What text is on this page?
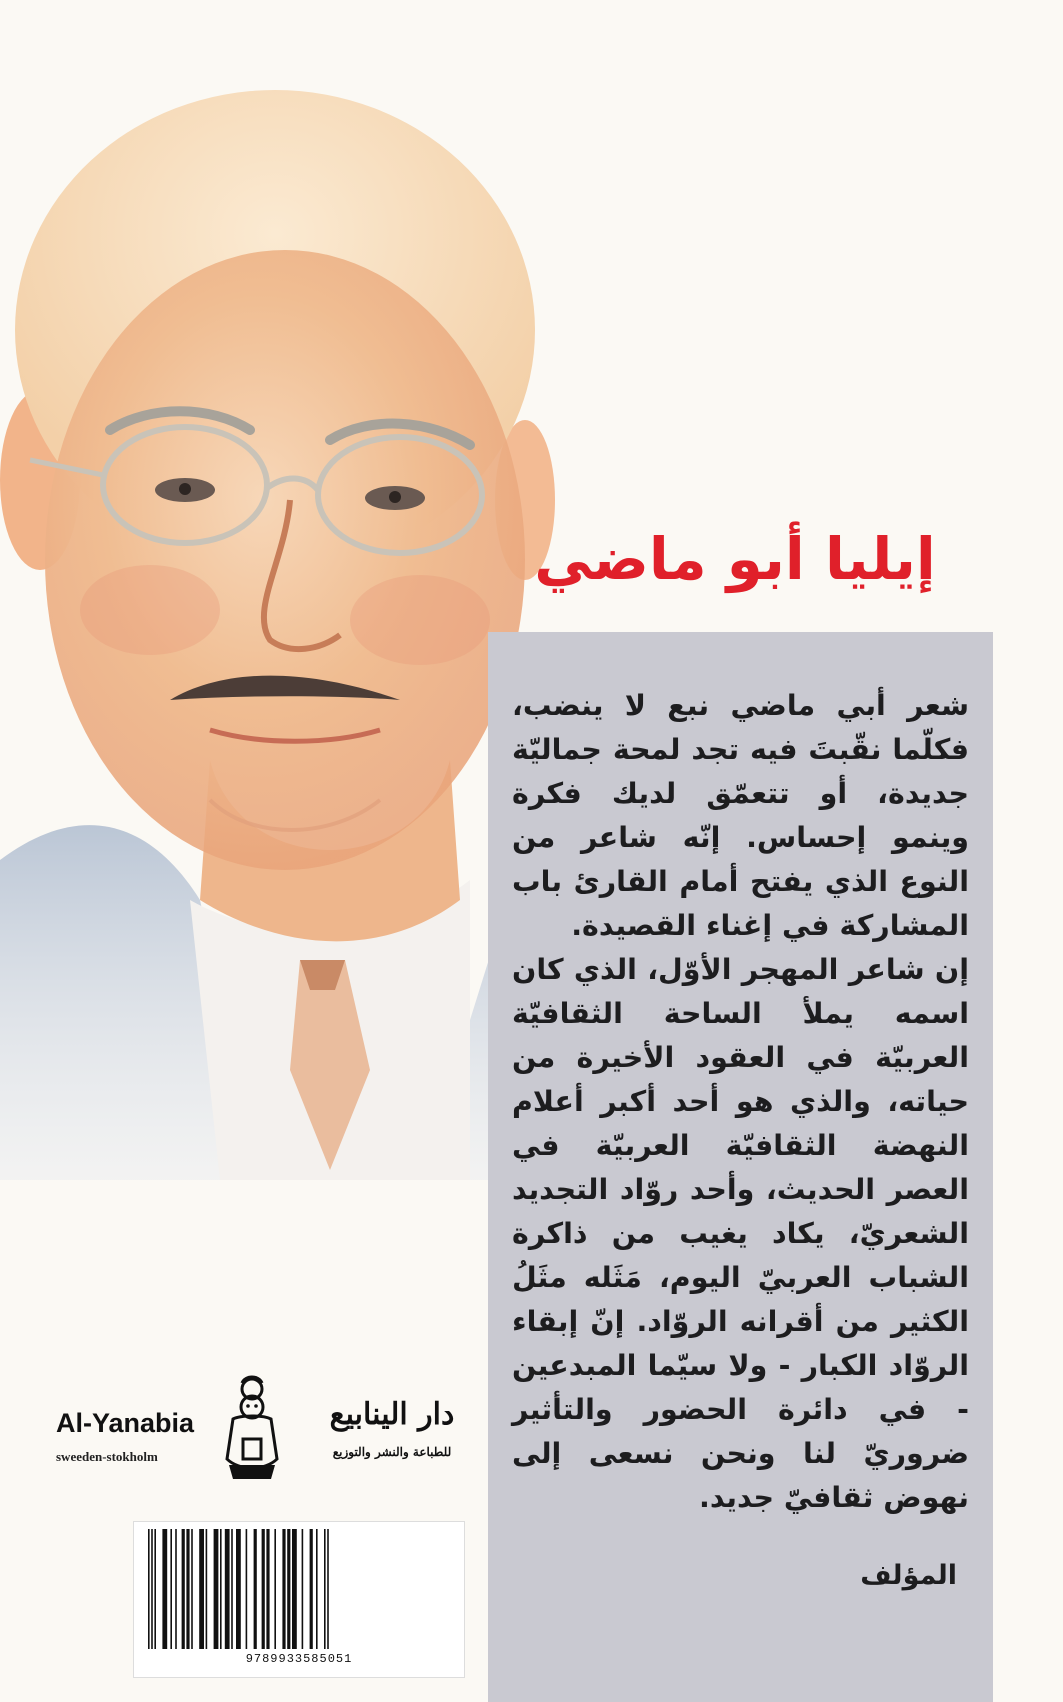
إيليا أبو ماضي

شعر أبي ماضي نبع لا ينضب، فكلّما نقّبتَ فيه تجد لمحة جماليّة جديدة، أو تتعمّق لديك فكرة وينمو إحساس. إنّه شاعر من النوع الذي يفتح أمام القارئ باب المشاركة في إغناء القصيدة.

إن شاعر المهجر الأوّل، الذي كان اسمه يملأ الساحة الثقافيّة العربيّة في العقود الأخيرة من حياته، والذي هو أحد أكبر أعلام النهضة الثقافيّة العربيّة في العصر الحديث، وأحد روّاد التجديد الشعريّ، يكاد يغيب من ذاكرة الشباب العربيّ اليوم، مَثَله مثَلُ الكثير من أقرانه الروّاد. إنّ إبقاء الروّاد الكبار - ولا سيّما المبدعين - في دائرة الحضور والتأثير ضروريّ لنا ونحن نسعى إلى نهوض ثقافيّ جديد.

المؤلف
Al-Yanabia
sweeden-stokholm
دار الينابيع
للطباعة والنشر والتوزيع
9789933585051
